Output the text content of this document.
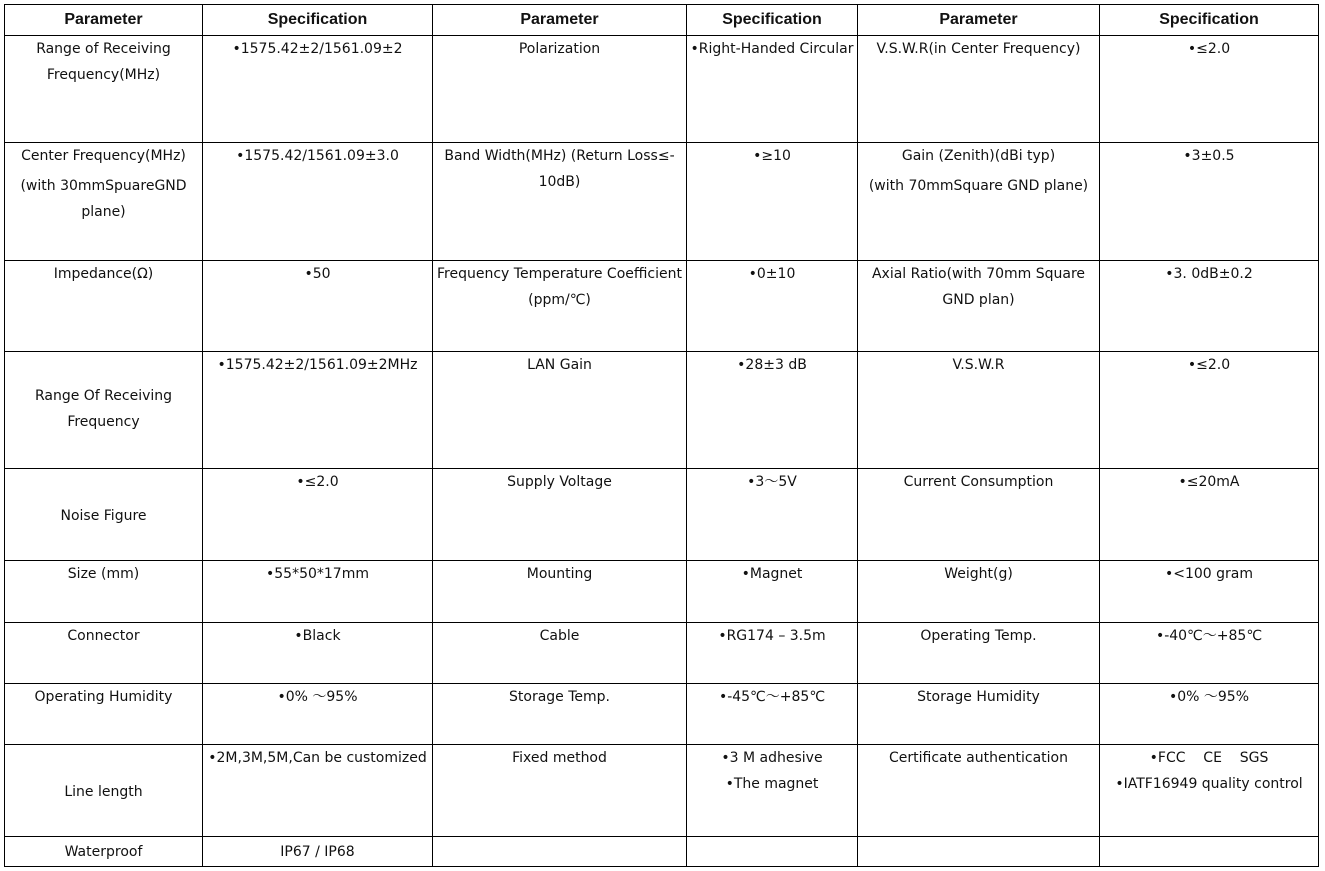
Parameter	Specification	Parameter	Specification	Parameter	Specification

Range of Receiving
Frequency(MHz)	•1575.42±2/1561.09±2	Polarization	•Right-Handed Circular	V.S.W.R(in Center Frequency)	•≤2.0

Center Frequency(MHz)
(with 30mmSpuareGND
plane)	•1575.42/1561.09±3.0	Band Width(MHz) (Return Loss≤-
10dB)	•≥10	Gain (Zenith)(dBi typ)
(with 70mmSquare GND plane)	•3±0.5

Impedance(Ω)	•50	Frequency Temperature Coefficient
(ppm/℃)	•0±10	Axial Ratio(with 70mm Square
GND plan)	•3. 0dB±0.2

Range Of Receiving
Frequency	•1575.42±2/1561.09±2MHz	LAN Gain	•28±3 dB	V.S.W.R	•≤2.0

Noise Figure	•≤2.0	Supply Voltage	•3～5V	Current Consumption	•≤20mA

Size (mm)	•55*50*17mm	Mounting	•Magnet	Weight(g)	•<100 gram

Connector	•Black	Cable	•RG174 – 3.5m	Operating Temp.	•-40℃～+85℃

Operating Humidity	•0% ～95%	Storage Temp.	•-45℃～+85℃	Storage Humidity	•0% ～95%

Line length	•2M,3M,5M,Can be customized	Fixed method	•3 M adhesive
•The magnet	Certificate authentication	•FCC    CE    SGS
•IATF16949 quality control

Waterproof	IP67 / IP68				
